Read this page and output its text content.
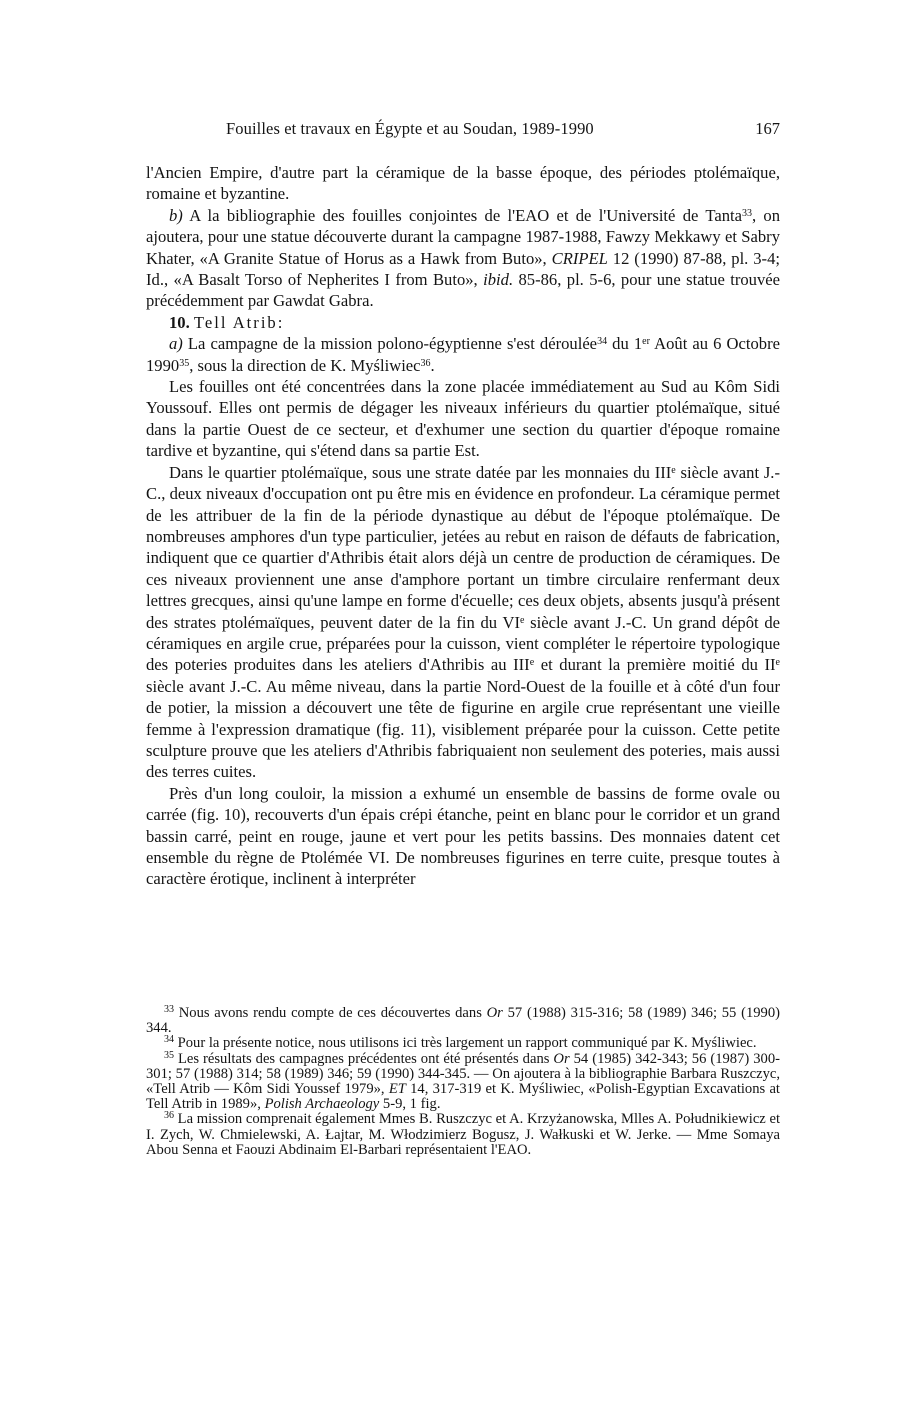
Fouilles et travaux en Égypte et au Soudan, 1989-1990	167

l'Ancien Empire, d'autre part la céramique de la basse époque, des périodes ptolémaïque, romaine et byzantine.

b) A la bibliographie des fouilles conjointes de l'EAO et de l'Université de Tanta$^{33}$, on ajoutera, pour une statue découverte durant la campagne 1987-1988, Fawzy Mekkawy et Sabry Khater, «A Granite Statue of Horus as a Hawk from Buto», CRIPEL 12 (1990) 87-88, pl. 3-4; Id., «A Basalt Torso of Nepherites I from Buto», ibid. 85-86, pl. 5-6, pour une statue trouvée précédemment par Gawdat Gabra.

10. Tell Atrib:

a) La campagne de la mission polono-égyptienne s'est déroulée$^{34}$ du 1er Août au 6 Octobre 1990$^{35}$, sous la direction de K. Myśliwiec$^{36}$.

Les fouilles ont été concentrées dans la zone placée immédiatement au Sud au Kôm Sidi Youssouf. Elles ont permis de dégager les niveaux inférieurs du quartier ptolémaïque, situé dans la partie Ouest de ce secteur, et d'exhumer une section du quartier d'époque romaine tardive et byzantine, qui s'étend dans sa partie Est.

Dans le quartier ptolémaïque, sous une strate datée par les monnaies du IIIe siècle avant J.-C., deux niveaux d'occupation ont pu être mis en évidence en profondeur. La céramique permet de les attribuer de la fin de la période dynastique au début de l'époque ptolémaïque. De nombreuses amphores d'un type particulier, jetées au rebut en raison de défauts de fabrication, indiquent que ce quartier d'Athribis était alors déjà un centre de production de céramiques. De ces niveaux proviennent une anse d'amphore portant un timbre circulaire renfermant deux lettres grecques, ainsi qu'une lampe en forme d'écuelle; ces deux objets, absents jusqu'à présent des strates ptolémaïques, peuvent dater de la fin du VIe siècle avant J.-C. Un grand dépôt de céramiques en argile crue, préparées pour la cuisson, vient compléter le répertoire typologique des poteries produites dans les ateliers d'Athribis au IIIe et durant la première moitié du IIe siècle avant J.-C. Au même niveau, dans la partie Nord-Ouest de la fouille et à côté d'un four de potier, la mission a découvert une tête de figurine en argile crue représentant une vieille femme à l'expression dramatique (fig. 11), visiblement préparée pour la cuisson. Cette petite sculpture prouve que les ateliers d'Athribis fabriquaient non seulement des poteries, mais aussi des terres cuites.

Près d'un long couloir, la mission a exhumé un ensemble de bassins de forme ovale ou carrée (fig. 10), recouverts d'un épais crépi étanche, peint en blanc pour le corridor et un grand bassin carré, peint en rouge, jaune et vert pour les petits bassins. Des monnaies datent cet ensemble du règne de Ptolémée VI. De nombreuses figurines en terre cuite, presque toutes à caractère érotique, inclinent à interpréter

$^{33}$ Nous avons rendu compte de ces découvertes dans Or 57 (1988) 315-316; 58 (1989) 346; 55 (1990) 344.

$^{34}$ Pour la présente notice, nous utilisons ici très largement un rapport communiqué par K. Myśliwiec.

$^{35}$ Les résultats des campagnes précédentes ont été présentés dans Or 54 (1985) 342-343; 56 (1987) 300-301; 57 (1988) 314; 58 (1989) 346; 59 (1990) 344-345. — On ajoutera à la bibliographie Barbara Ruszczyc, «Tell Atrib — Kôm Sidi Youssef 1979», ET 14, 317-319 et K. Myśliwiec, «Polish-Egyptian Excavations at Tell Atrib in 1989», Polish Archaeology 5-9, 1 fig.

$^{36}$ La mission comprenait également Mmes B. Ruszczyc et A. Krzyżanowska, Mlles A. Południkiewicz et I. Zych, W. Chmielewski, A. Łajtar, M. Włodzimierz Bogusz, J. Wałkuski et W. Jerke. — Mme Somaya Abou Senna et Faouzi Abdinaim El-Barbari représentaient l'EAO.
